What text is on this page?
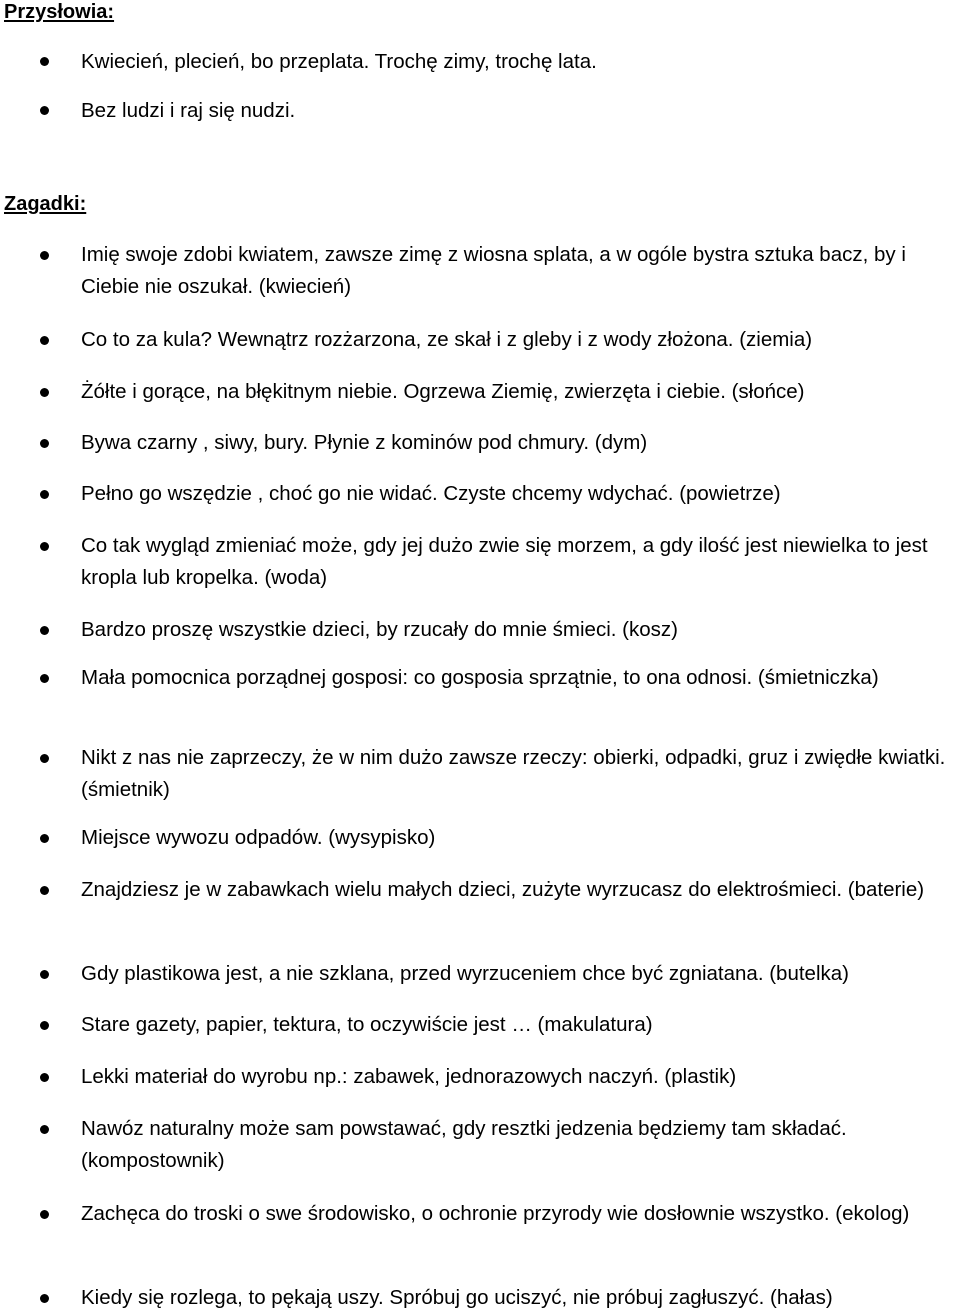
Przysłowia:
Kwiecień, plecień, bo przeplata. Trochę zimy, trochę lata.
Bez ludzi i raj się nudzi.
Zagadki:
Imię swoje zdobi kwiatem, zawsze zimę z wiosna splata, a w ogóle bystra sztuka bacz, by i Ciebie nie oszukał. (kwiecień)
Co to za kula? Wewnątrz rozżarzona, ze skał i z gleby i z wody złożona. (ziemia)
Żółte i gorące, na błękitnym niebie. Ogrzewa Ziemię, zwierzęta i ciebie. (słońce)
Bywa czarny , siwy, bury. Płynie z kominów pod chmury. (dym)
Pełno go wszędzie , choć go nie widać. Czyste chcemy wdychać. (powietrze)
Co tak wygląd zmieniać może, gdy jej dużo zwie się morzem, a gdy ilość jest niewielka to jest kropla lub kropelka. (woda)
Bardzo proszę wszystkie dzieci, by rzucały do mnie śmieci. (kosz)
Mała pomocnica porządnej gosposi: co gosposia sprzątnie, to ona odnosi. (śmietniczka)
Nikt z nas nie zaprzeczy, że w nim dużo zawsze rzeczy: obierki, odpadki, gruz i zwiędłe kwiatki. (śmietnik)
Miejsce wywozu odpadów. (wysypisko)
Znajdziesz je w zabawkach wielu małych dzieci, zużyte wyrzucasz do elektrośmieci. (baterie)
Gdy plastikowa jest, a nie szklana, przed wyrzuceniem chce być zgniatana. (butelka)
Stare gazety, papier, tektura, to oczywiście jest … (makulatura)
Lekki materiał do wyrobu np.: zabawek, jednorazowych naczyń. (plastik)
Nawóz naturalny może sam powstawać, gdy resztki jedzenia będziemy tam składać. (kompostownik)
Zachęca do troski o swe środowisko, o ochronie przyrody wie dosłownie wszystko. (ekolog)
Kiedy się rozlega, to pękają uszy. Spróbuj go uciszyć, nie próbuj zagłuszyć. (hałas)
